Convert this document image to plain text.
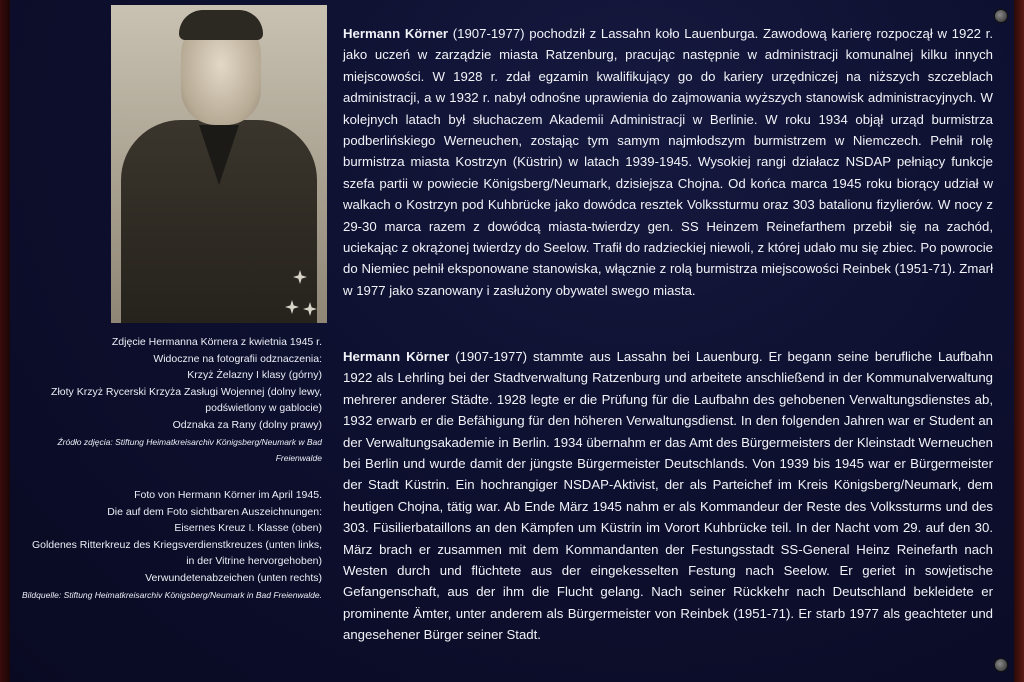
Zdjęcie Hermanna Körnera z kwietnia 1945 r.
Widoczne na fotografii odznaczenia:
Krzyż Żelazny I klasy (górny)
Złoty Krzyż Rycerski Krzyża Zasługi Wojennej (dolny lewy,
podświetlony w gablocie)
Odznaka za Rany (dolny prawy)
Źródło zdjęcia: Stiftung Heimatkreisarchiv Königsberg/Neumark w Bad Freienwalde
Foto von Hermann Körner im April 1945.
Die auf dem Foto sichtbaren Auszeichnungen:
Eisernes Kreuz I. Klasse (oben)
Goldenes Ritterkreuz des Kriegsverdienstkreuzes (unten links,
in der Vitrine hervorgehoben)
Verwundetenabzeichen (unten rechts)
Bildquelle: Stiftung Heimatkreisarchiv Königsberg/Neumark in Bad Freienwalde.
Hermann Körner (1907-1977) pochodził z Lassahn koło Lauenburga. Zawodową karierę rozpoczął w 1922 r. jako uczeń w zarządzie miasta Ratzenburg, pracując następnie w administracji komunalnej kilku innych miejscowości. W 1928 r. zdał egzamin kwalifikujący go do kariery urzędniczej na niższych szczeblach administracji, a w 1932 r. nabył odnośne uprawienia do zajmowania wyższych stanowisk administracyjnych. W kolejnych latach był słuchaczem Akademii Administracji w Berlinie. W roku 1934 objął urząd burmistrza podberlińskiego Werneuchen, zostając tym samym najmłodszym burmistrzem w Niemczech. Pełnił rolę burmistrza miasta Kostrzyn (Küstrin) w latach 1939-1945. Wysokiej rangi działacz NSDAP pełniący funkcje szefa partii w powiecie Königsberg/Neumark, dzisiejsza Chojna. Od końca marca 1945 roku biorący udział w walkach o Kostrzyn pod Kuhbrücke jako dowódca resztek Volkssturmu oraz 303 batalionu fizylierów. W nocy z 29-30 marca razem z dowódcą miasta-twierdzy gen. SS Heinzem Reinefarthem przebił się na zachód, uciekając z okrążonej twierdzy do Seelow. Trafił do radzieckiej niewoli, z której udało mu się zbiec. Po powrocie do Niemiec pełnił eksponowane stanowiska, włącznie z rolą burmistrza miejscowości Reinbek (1951-71). Zmarł w 1977 jako szanowany i zasłużony obywatel swego miasta.
Hermann Körner (1907-1977) stammte aus Lassahn bei Lauenburg. Er begann seine berufliche Laufbahn 1922 als Lehrling bei der Stadtverwaltung Ratzenburg und arbeitete anschließend in der Kommunalverwaltung mehrerer anderer Städte. 1928 legte er die Prüfung für die Laufbahn des gehobenen Verwaltungsdienstes ab, 1932 erwarb er die Befähigung für den höheren Verwaltungsdienst. In den folgenden Jahren war er Student an der Verwaltungsakademie in Berlin. 1934 übernahm er das Amt des Bürgermeisters der Kleinstadt Werneuchen bei Berlin und wurde damit der jüngste Bürgermeister Deutschlands. Von 1939 bis 1945 war er Bürgermeister der Stadt Küstrin. Ein hochrangiger NSDAP-Aktivist, der als Parteichef im Kreis Königsberg/Neumark, dem heutigen Chojna, tätig war. Ab Ende März 1945 nahm er als Kommandeur der Reste des Volkssturms und des 303. Füsilierbataillons an den Kämpfen um Küstrin im Vorort Kuhbrücke teil. In der Nacht vom 29. auf den 30. März brach er zusammen mit dem Kommandanten der Festungsstadt SS-General Heinz Reinefarth nach Westen durch und flüchtete aus der eingekesselten Festung nach Seelow. Er geriet in sowjetische Gefangenschaft, aus der ihm die Flucht gelang. Nach seiner Rückkehr nach Deutschland bekleidete er prominente Ämter, unter anderem als Bürgermeister von Reinbek (1951-71). Er starb 1977 als geachteter und angesehener Bürger seiner Stadt.
